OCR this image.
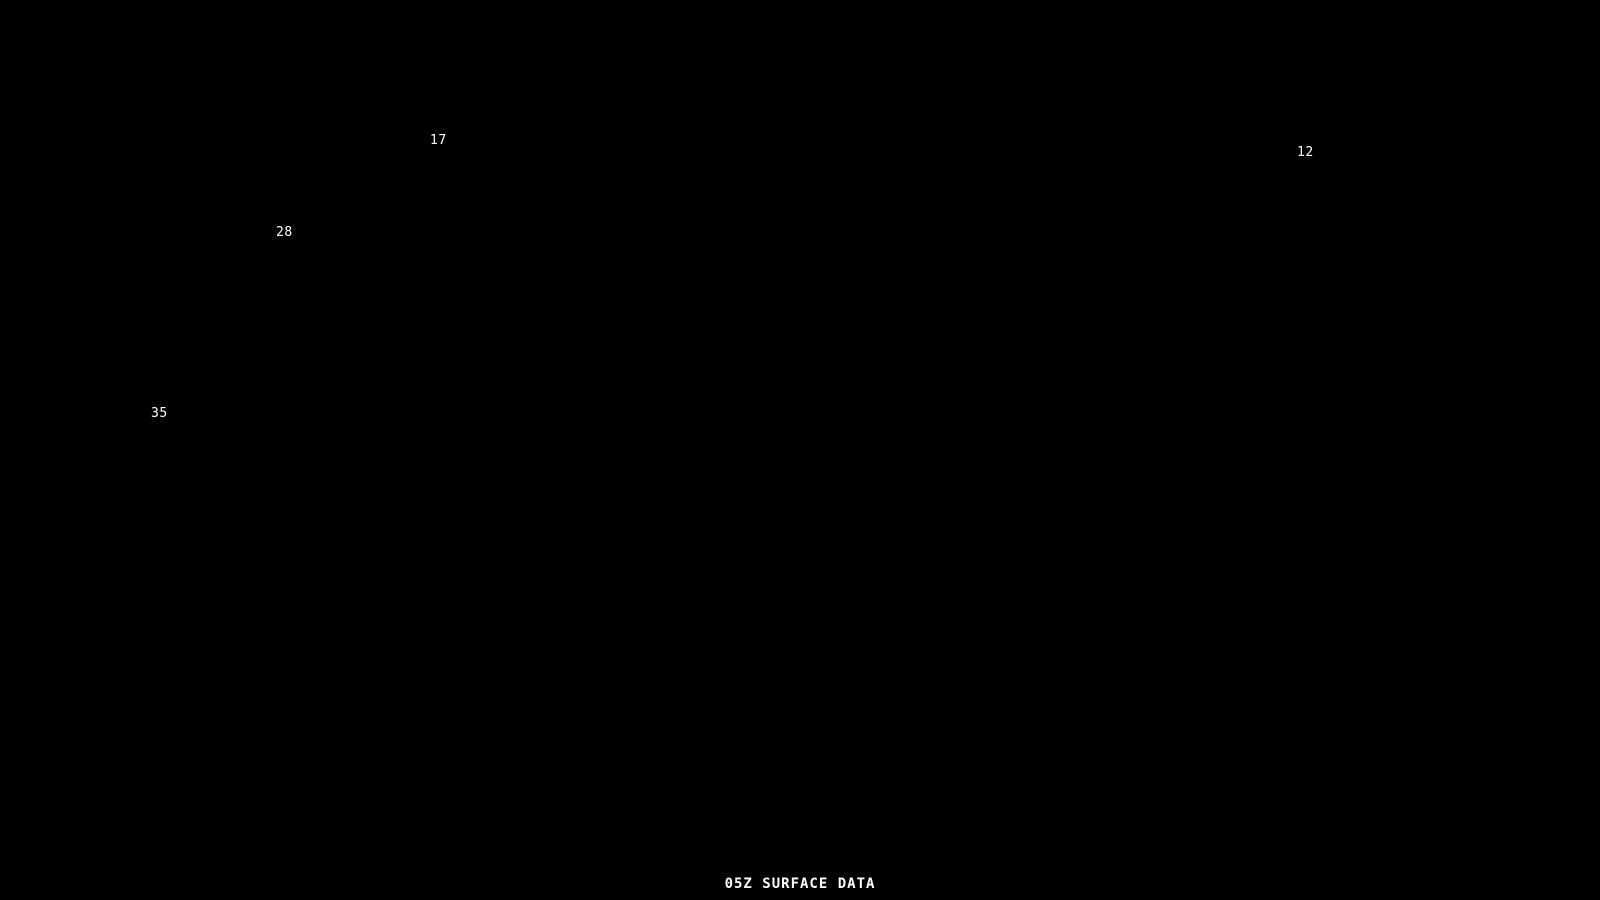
17
12
28
35
05Z SURFACE DATA
